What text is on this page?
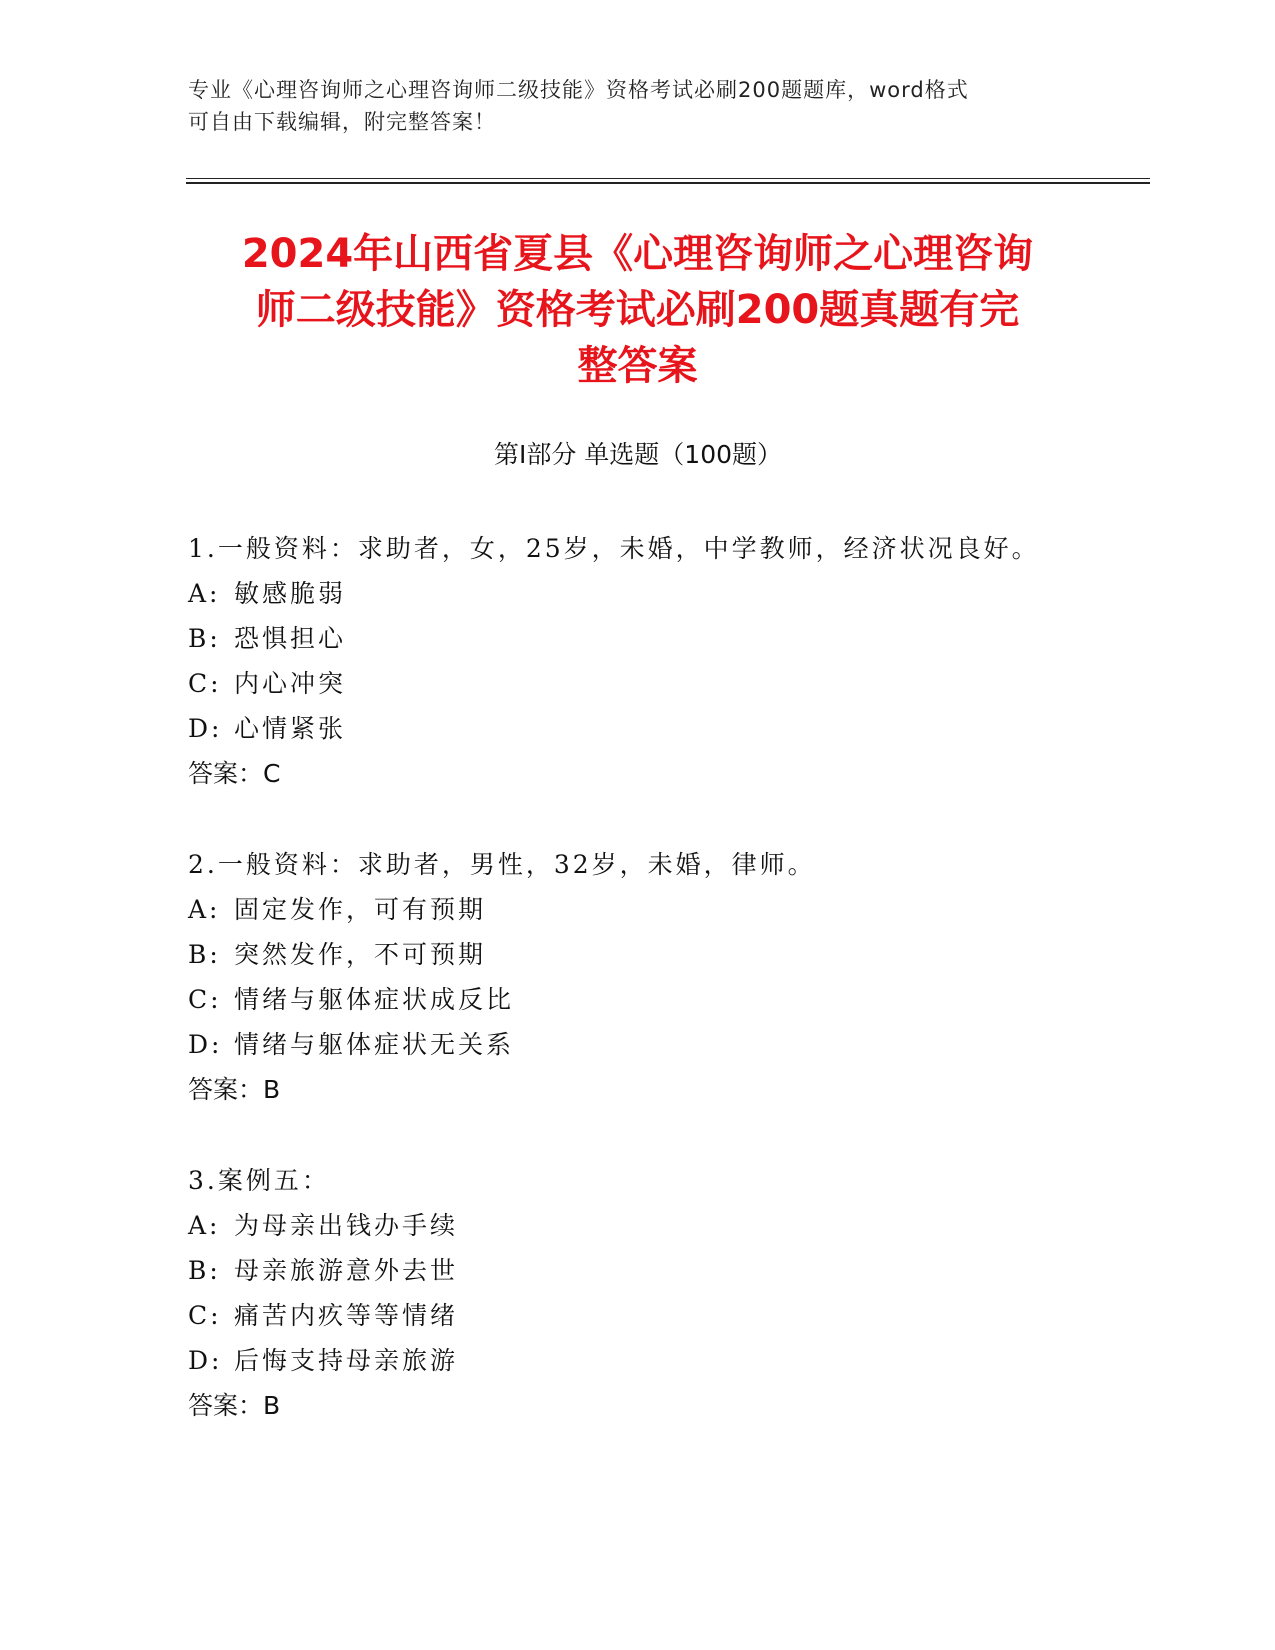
专业《心理咨询师之心理咨询师二级技能》资格考试必刷200题题库，word格式
可自由下载编辑，附完整答案！
2024年山西省夏县《心理咨询师之心理咨询
师二级技能》资格考试必刷200题真题有完
整答案
第Ⅰ部分 单选题（100题）
1.一般资料：求助者，女，25岁，未婚，中学教师，经济状况良好。
A: 敏感脆弱
B: 恐惧担心
C: 内心冲突
D: 心情紧张
答案：C
2.一般资料：求助者，男性，32岁，未婚，律师。
A: 固定发作，可有预期
B: 突然发作，不可预期
C: 情绪与躯体症状成反比
D: 情绪与躯体症状无关系
答案：B
3.案例五：
A: 为母亲出钱办手续
B: 母亲旅游意外去世
C: 痛苦内疚等等情绪
D: 后悔支持母亲旅游
答案：B
